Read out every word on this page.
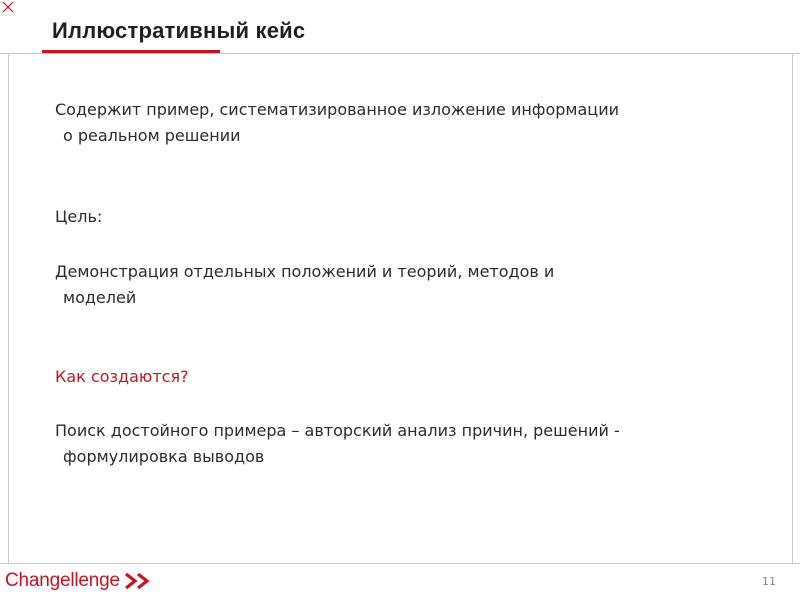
Иллюстративный кейс

Содержит пример, систематизированное изложение информации

о реальном решении

Цель:

Демонстрация отдельных положений и теорий, методов и

моделей

Как создаются?

Поиск достойного примера – авторский анализ причин, решений -

формулировка выводов

Changellenge	11
